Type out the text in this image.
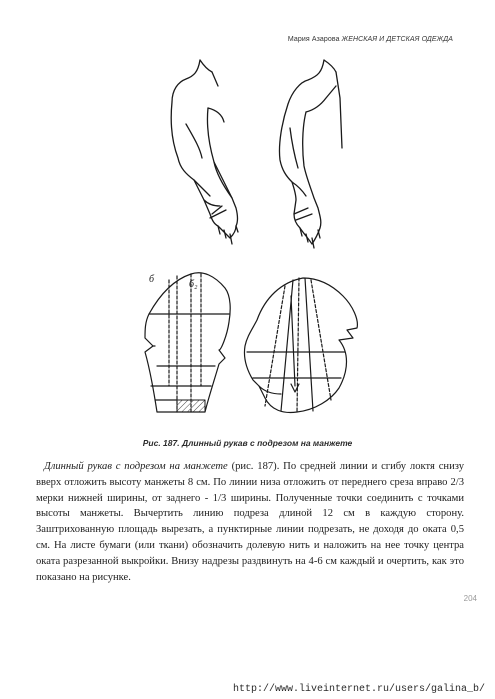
Мария Азарова ЖЕНСКАЯ И ДЕТСКАЯ ОДЕЖДА
б	б₂
Рис. 187. Длинный рукав с подрезом на манжете

Длинный рукав с подрезом на манжете (рис. 187). По средней линии и сгибу локтя снизу вверх отложить высоту манжеты 8 см. По линии низа отложить от переднего среза вправо 2/3 мерки нижней ширины, от заднего - 1/3 ширины. Полученные точки соединить с точками высоты манжеты. Вычертить линию подреза длиной 12 см в каждую сторону. Заштрихованную площадь вырезать, а пунктирные линии подрезать, не доходя до оката 0,5 см. На листе бумаги (или ткани) обозначить долевую нить и наложить на нее точку центра оката разрезанной выкройки. Внизу надрезы раздвинуть на 4-6 см каждый и очертить, как это показано на рисунке.

204
http://www.liveinternet.ru/users/galina_b/
